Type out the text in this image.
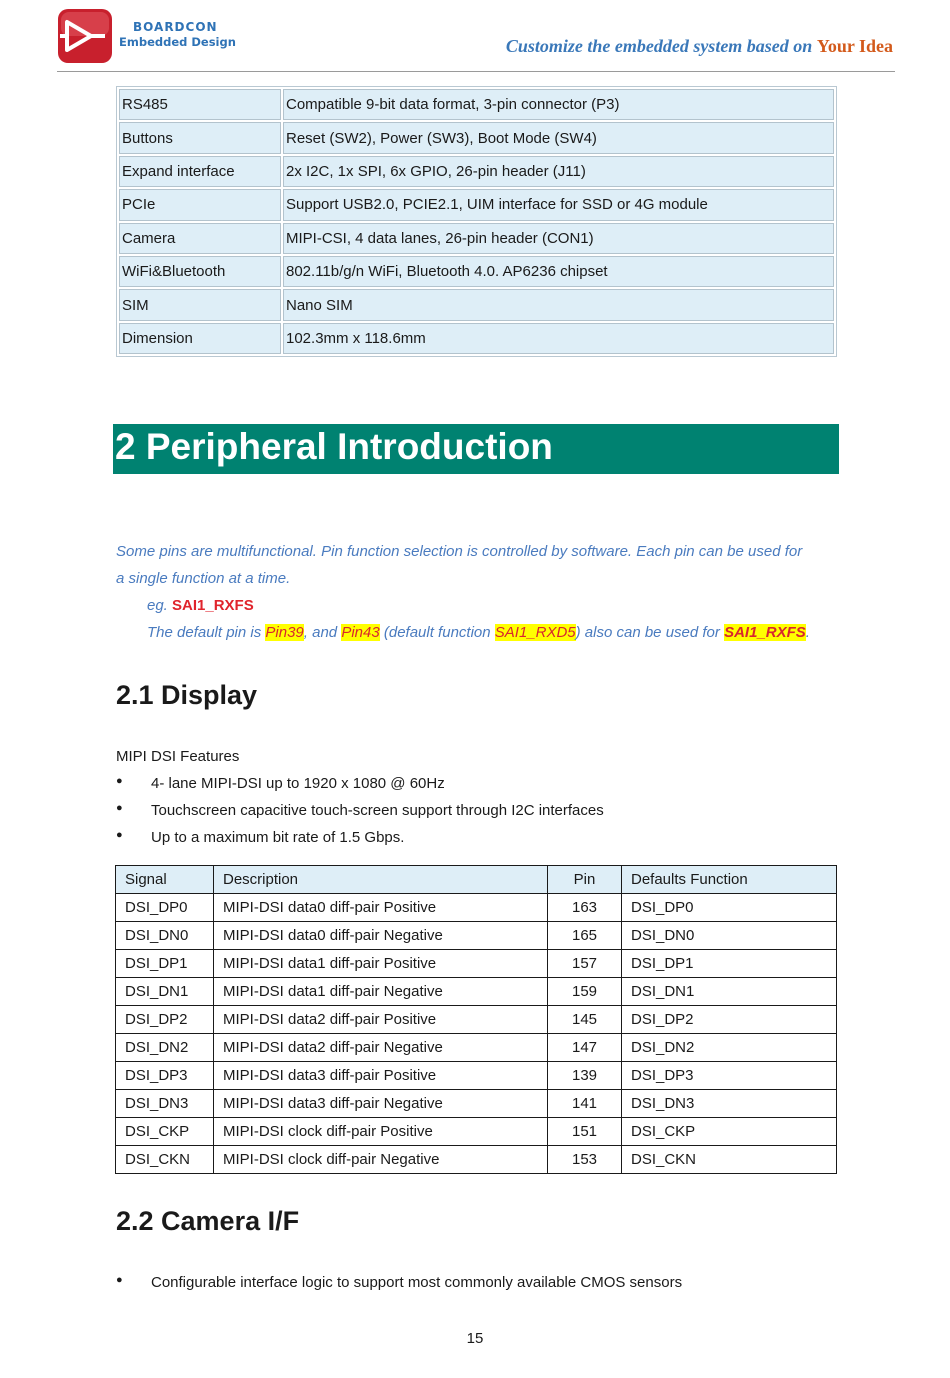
BOARDCON
Embedded Design	Customize the embedded system based on Your Idea
RS485	Compatible 9-bit data format, 3-pin connector (P3)
Buttons	Reset (SW2), Power (SW3), Boot Mode (SW4)
Expand interface	2x I2C, 1x SPI, 6x GPIO, 26-pin header (J11)
PCIe	Support USB2.0, PCIE2.1, UIM interface for SSD or 4G module
Camera	MIPI-CSI, 4 data lanes, 26-pin header (CON1)
WiFi&Bluetooth	802.11b/g/n WiFi, Bluetooth 4.0. AP6236 chipset
SIM	Nano SIM
Dimension	102.3mm x 118.6mm
2 Peripheral Introduction
Some pins are multifunctional. Pin function selection is controlled by software. Each pin can be used for
a single function at a time.
eg. SAI1_RXFS
The default pin is Pin39, and Pin43 (default function SAI1_RXD5) also can be used for SAI1_RXFS.
2.1 Display
MIPI DSI Features
● 4- lane MIPI-DSI up to 1920 x 1080 @ 60Hz
● Touchscreen capacitive touch-screen support through I2C interfaces
● Up to a maximum bit rate of 1.5 Gbps.
Signal	Description	Pin	Defaults Function
DSI_DP0	MIPI-DSI data0 diff-pair Positive	163	DSI_DP0
DSI_DN0	MIPI-DSI data0 diff-pair Negative	165	DSI_DN0
DSI_DP1	MIPI-DSI data1 diff-pair Positive	157	DSI_DP1
DSI_DN1	MIPI-DSI data1 diff-pair Negative	159	DSI_DN1
DSI_DP2	MIPI-DSI data2 diff-pair Positive	145	DSI_DP2
DSI_DN2	MIPI-DSI data2 diff-pair Negative	147	DSI_DN2
DSI_DP3	MIPI-DSI data3 diff-pair Positive	139	DSI_DP3
DSI_DN3	MIPI-DSI data3 diff-pair Negative	141	DSI_DN3
DSI_CKP	MIPI-DSI clock diff-pair Positive	151	DSI_CKP
DSI_CKN	MIPI-DSI clock diff-pair Negative	153	DSI_CKN
2.2 Camera I/F
● Configurable interface logic to support most commonly available CMOS sensors
15
